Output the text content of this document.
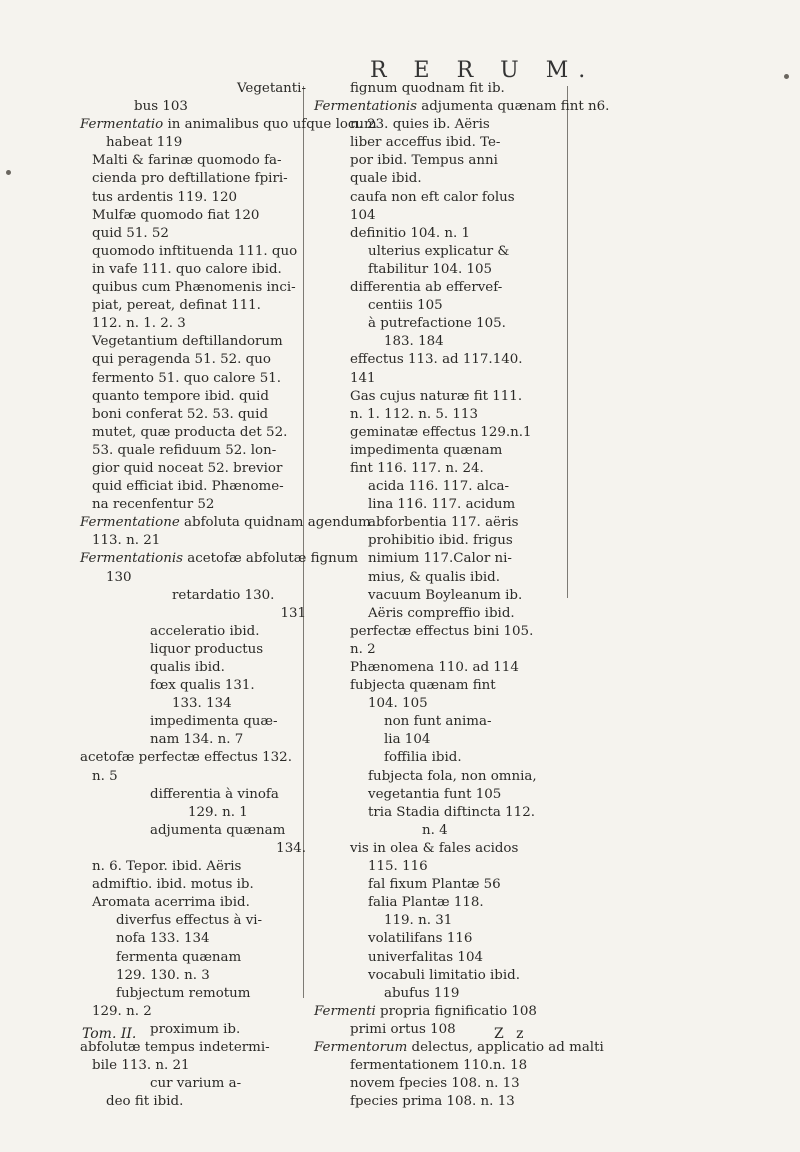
R E R U M.
Vegetanti-
bus 103
Fermentatio in animalibus quo ufque locum
habeat 119
Malti & farinæ quomodo fa-
cienda pro deftillatione fpiri-
tus ardentis 119. 120
Mulfæ quomodo fiat 120
quid 51. 52
quomodo inftituenda 111. quo
in vafe 111. quo calore ibid.
quibus cum Phænomenis inci-
piat, pereat, definat 111.
112. n. 1. 2. 3
Vegetantium deftillandorum
qui peragenda 51. 52. quo
fermento 51. quo calore 51.
quanto tempore ibid. quid
boni conferat 52. 53. quid
mutet, quæ producta det 52.
53. quale refiduum 52. lon-
gior quid noceat 52. brevior
quid efficiat ibid. Phænome-
na recenfentur 52
Fermentatione abfoluta quidnam agendum
113. n. 21
Fermentationis acetofæ abfolutæ fignum
130
retardatio 130.
131
acceleratio ibid.
liquor productus
qualis ibid.
fœx qualis 131.
133. 134
impedimenta quæ-
nam 134. n. 7
acetofæ perfectæ effectus 132.
n. 5
differentia à vinofa
129. n. 1
adjumenta quænam
134.
n. 6. Tepor. ibid. Aëris
admiftio. ibid. motus ib.
Aromata acerrima ibid.
diverfus effectus à vi-
nofa 133. 134
fermenta quænam
129. 130. n. 3
fubjectum remotum
129. n. 2
proximum ib.
abfolutæ tempus indetermi-
bile 113. n. 21
cur varium a-
deo fit ibid.
fignum quodnam fit ib.
Fermentationis adjumenta quænam fint n6.
n. 23. quies ib. Aëris
liber acceffus ibid. Te-
por ibid. Tempus anni
quale ibid.
caufa non eft calor folus
104
definitio 104. n. 1
ulterius explicatur &
ftabilitur 104. 105
differentia ab effervef-
centiis 105
à putrefactione 105.
183. 184
effectus 113. ad 117.140.
141
Gas cujus naturæ fit 111.
n. 1. 112. n. 5. 113
geminatæ effectus 129.n.1
impedimenta quænam
fint 116. 117. n. 24.
acida 116. 117. alca-
lina 116. 117. acidum
abforbentia 117. aëris
prohibitio ibid. frigus
nimium 117.Calor ni-
mius, & qualis ibid.
vacuum Boyleanum ib.
Aëris compreffio ibid.
perfectæ effectus bini 105.
n. 2
Phænomena 110. ad 114
fubjecta quænam fint
104. 105
non funt anima-
lia 104
foffilia ibid.
fubjecta fola, non omnia,
vegetantia funt 105
tria Stadia diftincta 112.
n. 4
vis in olea & fales acidos
115. 116
fal fixum Plantæ 56
falia Plantæ 118.
119. n. 31
volatilifans 116
univerfalitas 104
vocabuli limitatio ibid.
abufus 119
Fermenti propria fignificatio 108
primi ortus 108
Fermentorum delectus, applicatio ad malti
fermentationem 110.n. 18
novem fpecies 108. n. 13
fpecies prima 108. n. 13
Tom. II.	Z z
